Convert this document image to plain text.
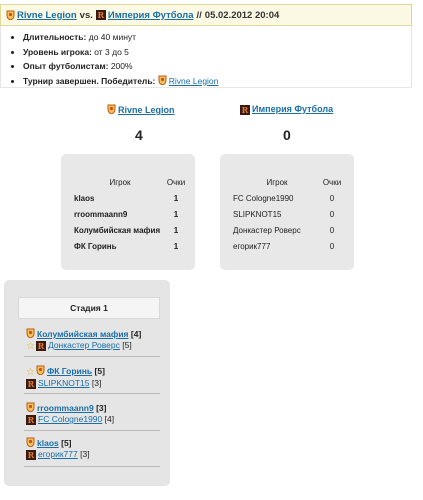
Rivne Legion vs. R Империя Футбола // 05.02.2012 20:04
Длительность: до 40 минут
Уровень игрока: от 3 до 5
Опыт футболистам: 200%
Турнир завершен. Победитель: Rivne Legion
Rivne Legion	R Империя Футбола
4	0
Игрок	Очки
klaos	1
rroommaann9	1
Колумбийская мафия	1
ФК Горинь	1
Игрок	Очки
FC Cologne1990	0
SLIPKNOT15	0
Донкастер Роверс	0
егорик777	0
Стадия 1
Колумбийская мафия [4]
☆ R Донкастер Роверс [5]
☆ ФК Горинь [5]
R SLIPKNOT15 [3]
rroommaann9 [3]
R FC Cologne1990 [4]
klaos [5]
R егорик777 [3]
